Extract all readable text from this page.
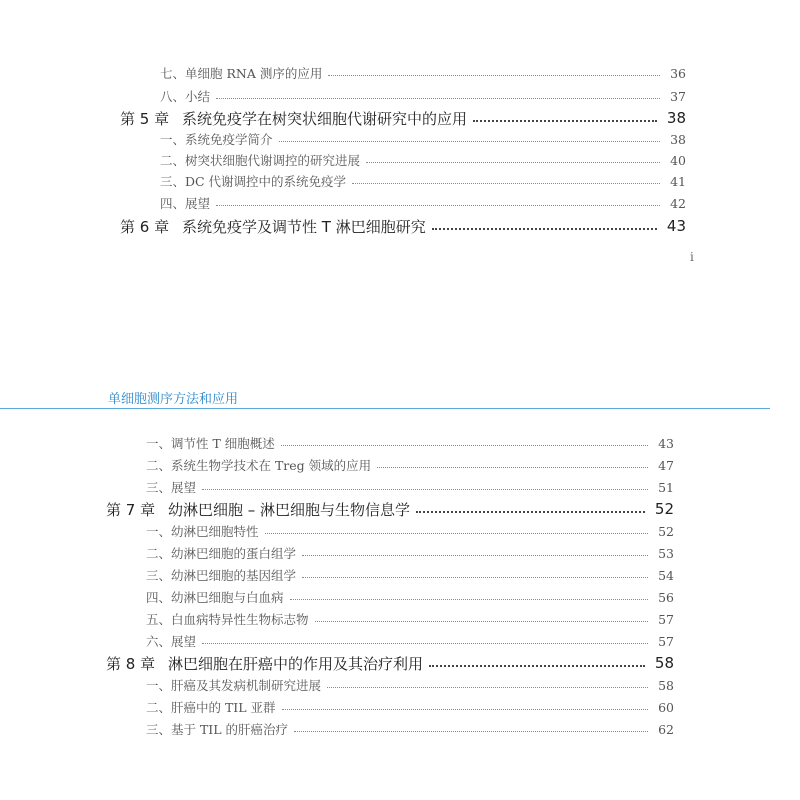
七、单细胞 RNA 测序的应用	36
八、小结	37
第 5 章 系统免疫学在树突状细胞代谢研究中的应用	38
一、系统免疫学简介	38
二、树突状细胞代谢调控的研究进展	40
三、DC 代谢调控中的系统免疫学	41
四、展望	42
第 6 章 系统免疫学及调节性 T 淋巴细胞研究	43
i
单细胞测序方法和应用
一、调节性 T 细胞概述	43
二、系统生物学技术在 Treg 领域的应用	47
三、展望	51
第 7 章 幼淋巴细胞 – 淋巴细胞与生物信息学	52
一、幼淋巴细胞特性	52
二、幼淋巴细胞的蛋白组学	53
三、幼淋巴细胞的基因组学	54
四、幼淋巴细胞与白血病	56
五、白血病特异性生物标志物	57
六、展望	57
第 8 章 淋巴细胞在肝癌中的作用及其治疗利用	58
一、肝癌及其发病机制研究进展	58
二、肝癌中的 TIL 亚群	60
三、基于 TIL 的肝癌治疗	62
